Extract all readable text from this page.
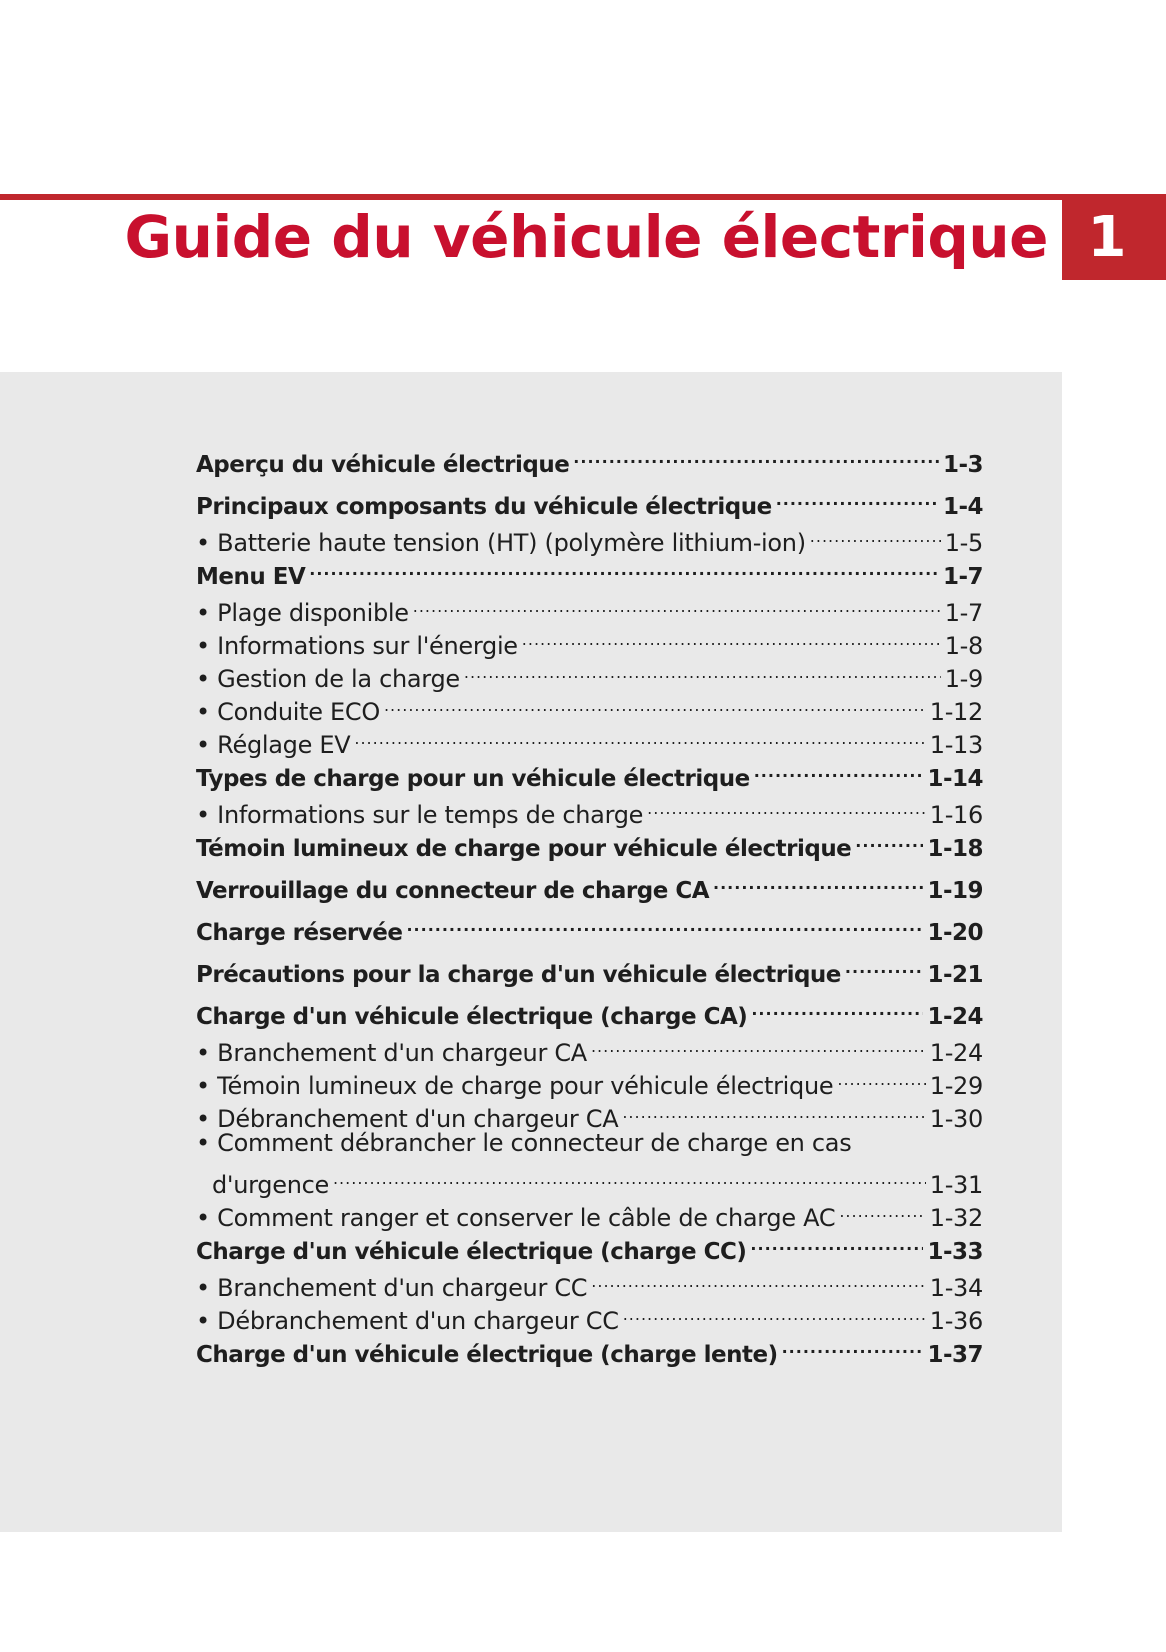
Guide du véhicule électrique 1
Aperçu du véhicule électrique .....	1-3
Principaux composants du véhicule électrique .....	1-4
• Batterie haute tension (HT) (polymère lithium-ion) .....	1-5
Menu EV .....	1-7
• Plage disponible .....	1-7
• Informations sur l'énergie .....	1-8
• Gestion de la charge .....	1-9
• Conduite ECO .....	1-12
• Réglage EV .....	1-13
Types de charge pour un véhicule électrique .....	1-14
• Informations sur le temps de charge .....	1-16
Témoin lumineux de charge pour véhicule électrique .....	1-18
Verrouillage du connecteur de charge CA .....	1-19
Charge réservée .....	1-20
Précautions pour la charge d'un véhicule électrique .....	1-21
Charge d'un véhicule électrique (charge CA) .....	1-24
• Branchement d'un chargeur CA .....	1-24
• Témoin lumineux de charge pour véhicule électrique .....	1-29
• Débranchement d'un chargeur CA .....	1-30
• Comment débrancher le connecteur de charge en cas
d'urgence .....	1-31
• Comment ranger et conserver le câble de charge AC .....	1-32
Charge d'un véhicule électrique (charge CC) .....	1-33
• Branchement d'un chargeur CC .....	1-34
• Débranchement d'un chargeur CC .....	1-36
Charge d'un véhicule électrique (charge lente) .....	1-37
